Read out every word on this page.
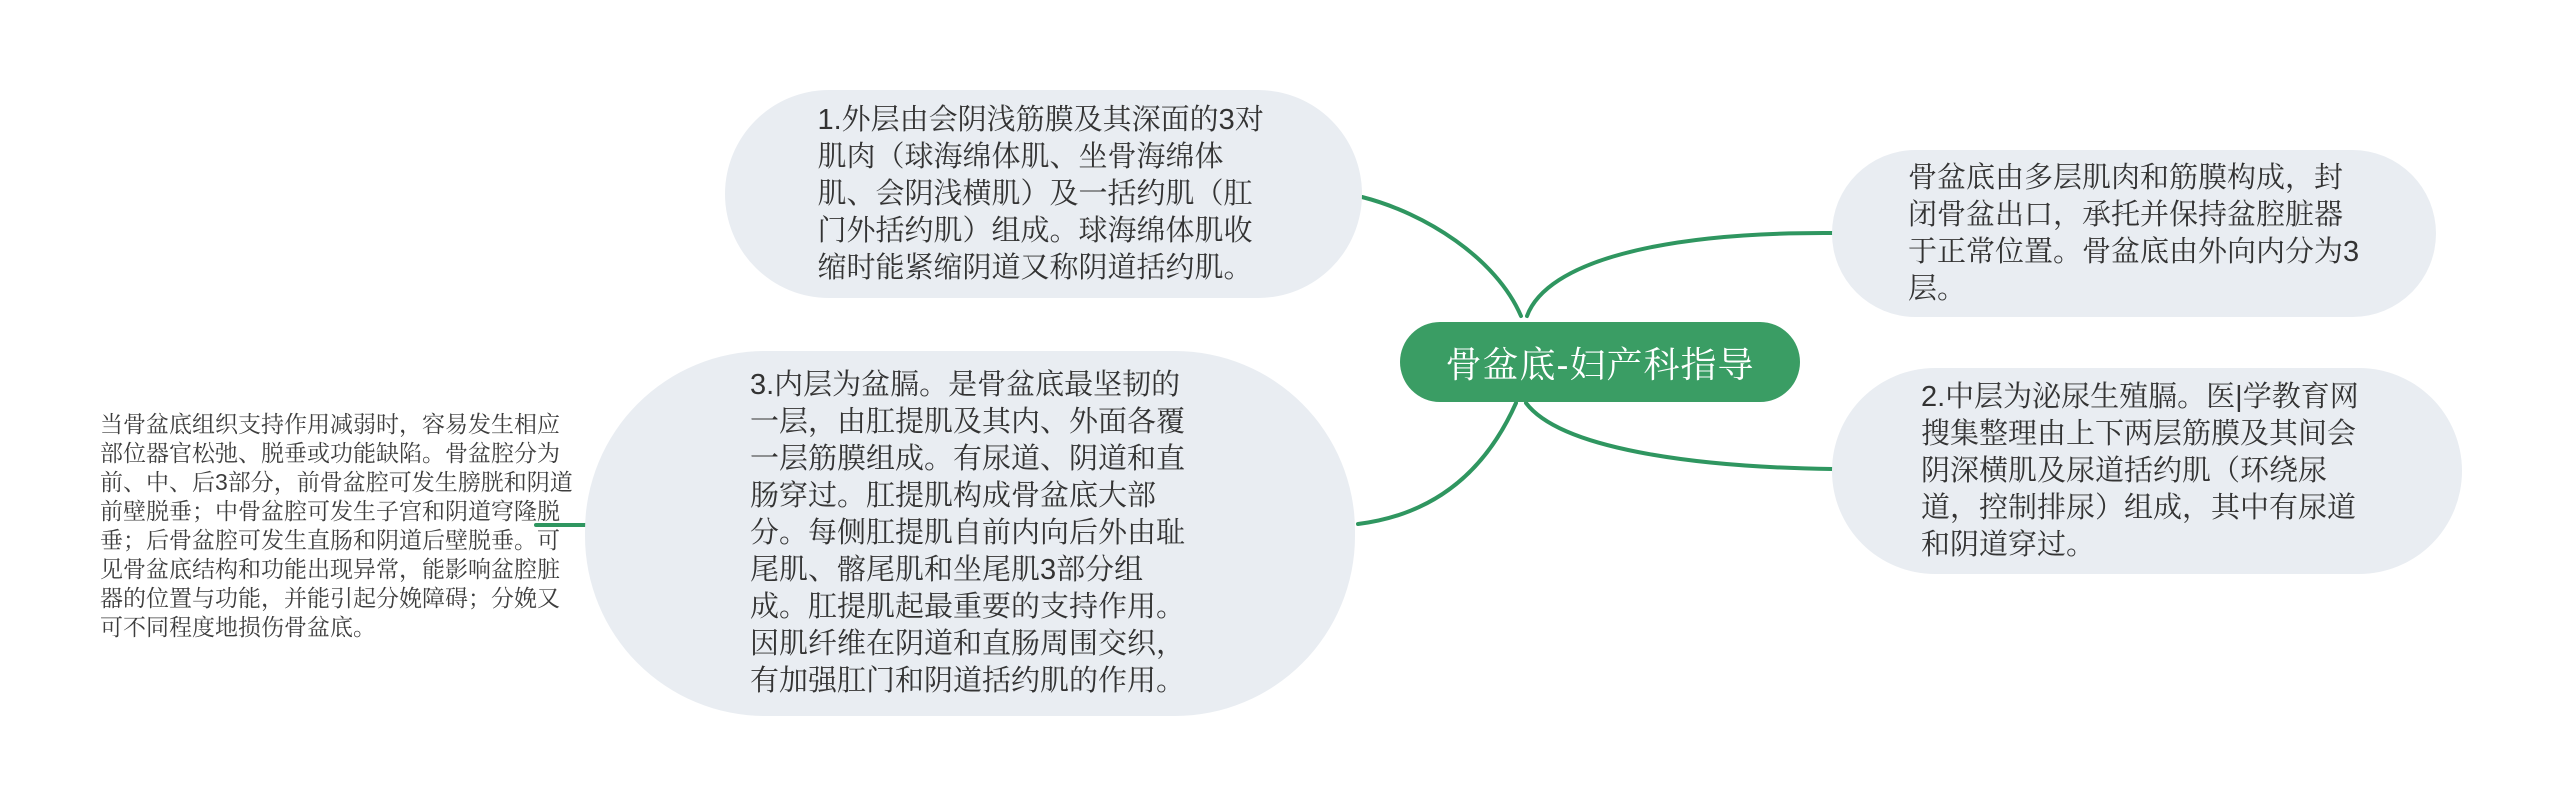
1.外层由会阴浅筋膜及其深面的3对肌肉（球海绵体肌、坐骨海绵体肌、会阴浅横肌）及一括约肌（肛门外括约肌）组成。球海绵体肌收缩时能紧缩阴道又称阴道括约肌。
骨盆底由多层肌肉和筋膜构成，封闭骨盆出口，承托并保持盆腔脏器于正常位置。骨盆底由外向内分为3层。
3.内层为盆膈。是骨盆底最坚韧的一层，由肛提肌及其内、外面各覆一层筋膜组成。有尿道、阴道和直肠穿过。肛提肌构成骨盆底大部分。每侧肛提肌自前内向后外由耻尾肌、髂尾肌和坐尾肌3部分组成。肛提肌起最重要的支持作用。因肌纤维在阴道和直肠周围交织，有加强肛门和阴道括约肌的作用。
2.中层为泌尿生殖膈。医|学教育网搜集整理由上下两层筋膜及其间会阴深横肌及尿道括约肌（环绕尿道，控制排尿）组成，其中有尿道和阴道穿过。
骨盆底-妇产科指导
当骨盆底组织支持作用减弱时，容易发生相应部位器官松弛、脱垂或功能缺陷。骨盆腔分为前、中、后3部分，前骨盆腔可发生膀胱和阴道前壁脱垂；中骨盆腔可发生子宫和阴道穹隆脱垂；后骨盆腔可发生直肠和阴道后壁脱垂。可见骨盆底结构和功能出现异常，能影响盆腔脏器的位置与功能，并能引起分娩障碍；分娩又可不同程度地损伤骨盆底。
